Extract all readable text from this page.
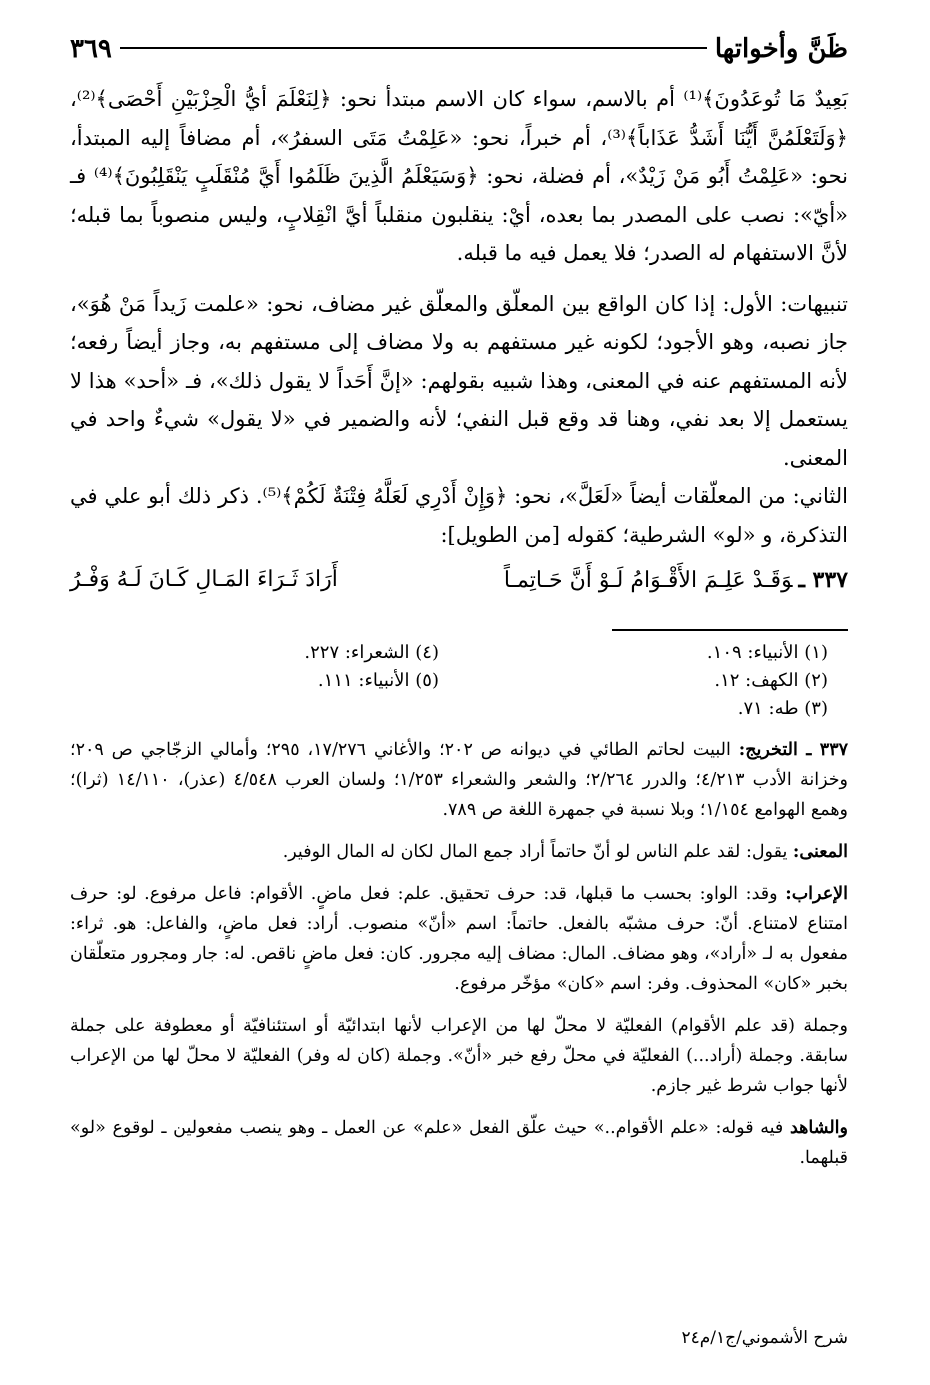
ظَنَّ وأخواتها
٣٦٩

بَعِيدٌ مَا تُوعَدُونَ﴾⁽¹⁾ أم بالاسم، سواء كان الاسم مبتدأ نحو: ﴿لِنَعْلَمَ أيُّ الْحِزْبَيْنِ أَحْصَى﴾⁽²⁾، ﴿وَلَتَعْلَمُنَّ أَيُّنَا أَشَدُّ عَذَاباً﴾⁽³⁾، أم خبراً، نحو: «عَلِمْتُ مَتَى السفرُ»، أم مضافاً إليه المبتدأ، نحو: «عَلِمْتُ أَبُو مَنْ زَيْدٌ»، أم فضلة، نحو: ﴿وَسَيَعْلَمُ الَّذِينَ ظَلَمُوا أَيَّ مُنْقَلَبٍ يَنْقَلِبُونَ﴾⁽⁴⁾ فـ «أيّ»: نصب على المصدر بما بعده، أيْ: ينقلبون منقلباً أيَّ انْقِلابٍ، وليس منصوباً بما قبله؛ لأنَّ الاستفهام له الصدر؛ فلا يعمل فيه ما قبله.

تنبيهات: الأول: إذا كان الواقع بين المعلّق والمعلّق غير مضاف، نحو: «علمت زَيداً مَنْ هُوَ»، جاز نصبه، وهو الأجود؛ لكونه غير مستفهم به ولا مضاف إلى مستفهم به، وجاز أيضاً رفعه؛ لأنه المستفهم عنه في المعنى، وهذا شبيه بقولهم: «إنَّ أَحَداً لا يقول ذلك»، فـ «أحد» هذا لا يستعمل إلا بعد نفي، وهنا قد وقع قبل النفي؛ لأنه والضمير في «لا يقول» شيءٌ واحد في المعنى.

الثاني: من المعلّقات أيضاً «لَعَلَّ»، نحو: ﴿وَإِنْ أَدْرِي لَعَلَّهُ فِتْنَةٌ لَكُمْ﴾⁽⁵⁾. ذكر ذلك أبو علي في التذكرة، و «لو» الشرطية؛ كقوله [من الطويل]:

٣٣٧ ـوَقَـدْ عَلِـمَ الأَقْـوَامُ لَـوْ أَنَّ حَـاتِمـاً
أَرَادَ ثَـرَاءَ المَـالِ كَـانَ لَـهُ وَفْـرُ
(١) الأنبياء: ١٠٩.
(٢) الكهف: ١٢.
(٣) طه: ٧١.
(٤) الشعراء: ٢٢٧.
(٥) الأنبياء: ١١١.

٣٣٧ ـ التخريج: البيت لحاتم الطائي في ديوانه ص ٢٠٢؛ والأغاني ١٧/٢٧٦، ٢٩٥؛ وأمالي الزجّاجي ص ٢٠٩؛ وخزانة الأدب ٤/٢١٣؛ والدرر ٢/٢٦٤؛ والشعر والشعراء ١/٢٥٣؛ ولسان العرب ٤/٥٤٨ (عذر)، ١٤/١١٠ (ثرا)؛ وهمع الهوامع ١/١٥٤؛ وبلا نسبة في جمهرة اللغة ص ٧٨٩.

المعنى: يقول: لقد علم الناس لو أنّ حاتماً أراد جمع المال لكان له المال الوفير.

الإعراب: وقد: الواو: بحسب ما قبلها، قد: حرف تحقيق. علم: فعل ماضٍ. الأقوام: فاعل مرفوع. لو: حرف امتناع لامتناع. أنّ: حرف مشبّه بالفعل. حاتماً: اسم «أنّ» منصوب. أراد: فعل ماضٍ، والفاعل: هو. ثراء: مفعول به لـ «أراد»، وهو مضاف. المال: مضاف إليه مجرور. كان: فعل ماضٍ ناقص. له: جار ومجرور متعلّقان بخبر «كان» المحذوف. وفر: اسم «كان» مؤخّر مرفوع.

وجملة (قد علم الأقوام) الفعليّة لا محلّ لها من الإعراب لأنها ابتدائيّة أو استئنافيّة أو معطوفة على جملة سابقة. وجملة (أراد...) الفعليّة في محلّ رفع خبر «أنّ». وجملة (كان له وفر) الفعليّة لا محلّ لها من الإعراب لأنها جواب شرط غير جازم.

والشاهد فيه قوله: «علم الأقوام..» حيث علّق الفعل «علم» عن العمل ـ وهو ينصب مفعولين ـ لوقوع «لو» قبلهما.

شرح الأشموني/ج١/م٢٤
